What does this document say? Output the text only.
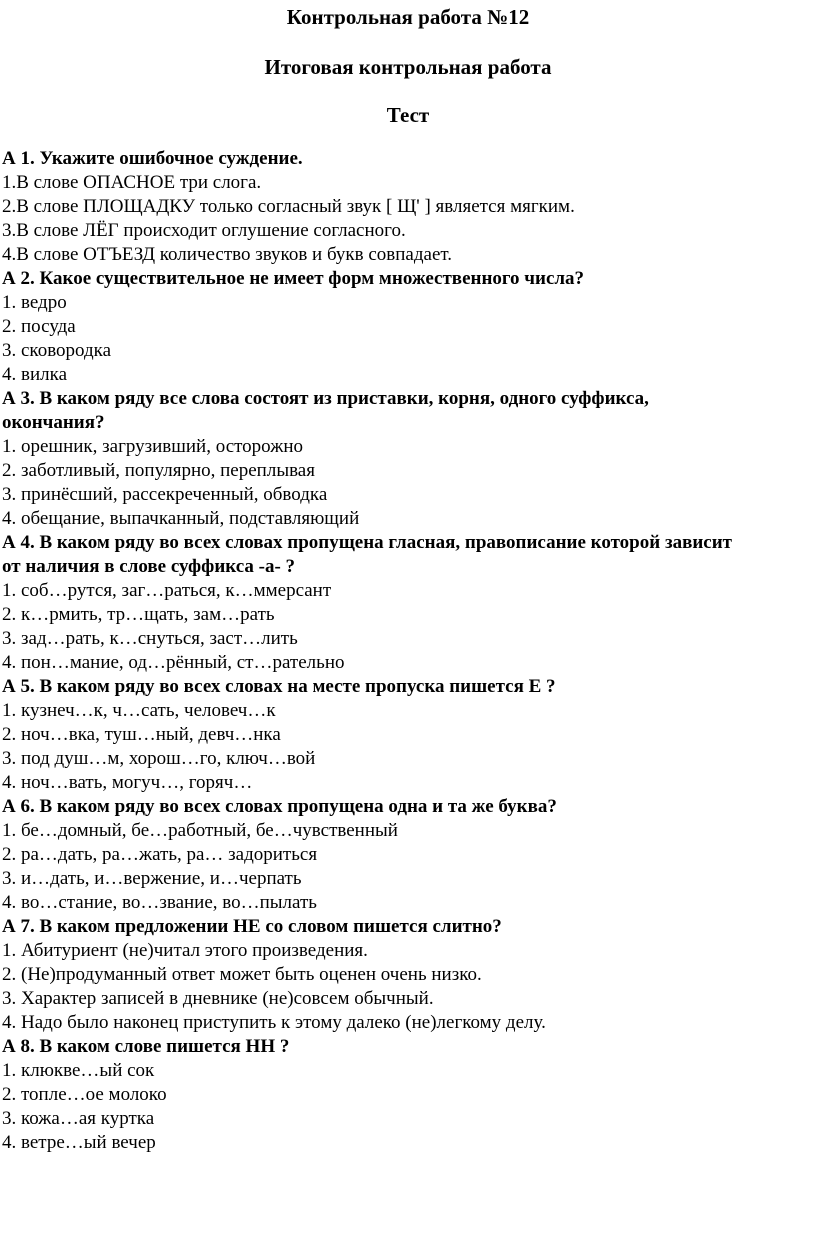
Контрольная работа №12
Итоговая контрольная работа
Тест

А 1. Укажите ошибочное суждение.

1.В слове ОПАСНОЕ три слога.

2.В слове ПЛОЩАДКУ только согласный звук [ Щ' ] является мягким.

3.В слове ЛЁГ происходит оглушение согласного.

4.В слове ОТЪЕЗД количество звуков и букв совпадает.

А 2. Какое существительное не имеет форм множественного числа?

1. ведро

2. посуда

3. сковородка

4. вилка

А 3. В каком ряду все слова состоят из приставки, корня, одного суффикса,

окончания?

1. орешник, загрузивший, осторожно

2. заботливый, популярно, переплывая

3. принёсший, рассекреченный, обводка

4. обещание, выпачканный, подставляющий

А 4. В каком ряду во всех словах пропущена гласная, правописание которой зависит

от наличия в слове суффикса -а- ?

1. соб…рутся, заг…раться, к…ммерсант

2. к…рмить, тр…щать, зам…рать

3. зад…рать, к…снуться, заст…лить

4. пон…мание, од…рённый, ст…рательно

А 5. В каком ряду во всех словах на месте пропуска пишется Е ?

1. кузнеч…к, ч…сать, человеч…к

2. ноч…вка, туш…ный, девч…нка

3. под душ…м, хорош…го, ключ…вой

4. ноч…вать, могуч…, горяч…

А 6. В каком ряду во всех словах пропущена одна и та же буква?

1. бе…домный, бе…работный, бе…чувственный

2. ра…дать, ра…жать, ра… задориться

3. и…дать, и…вержение, и…черпать

4. во…стание, во…звание, во…пылать

А 7. В каком предложении НЕ со словом пишется слитно?

1. Абитуриент (не)читал этого произведения.

2. (Не)продуманный ответ может быть оценен очень низко.

3. Характер записей в дневнике (не)совсем обычный.

4. Надо было наконец приступить к этому далеко (не)легкому делу.

А 8. В каком слове пишется НН ?

1. клюкве…ый сок

2. топле…ое молоко

3. кожа…ая куртка

4. ветре…ый вечер
